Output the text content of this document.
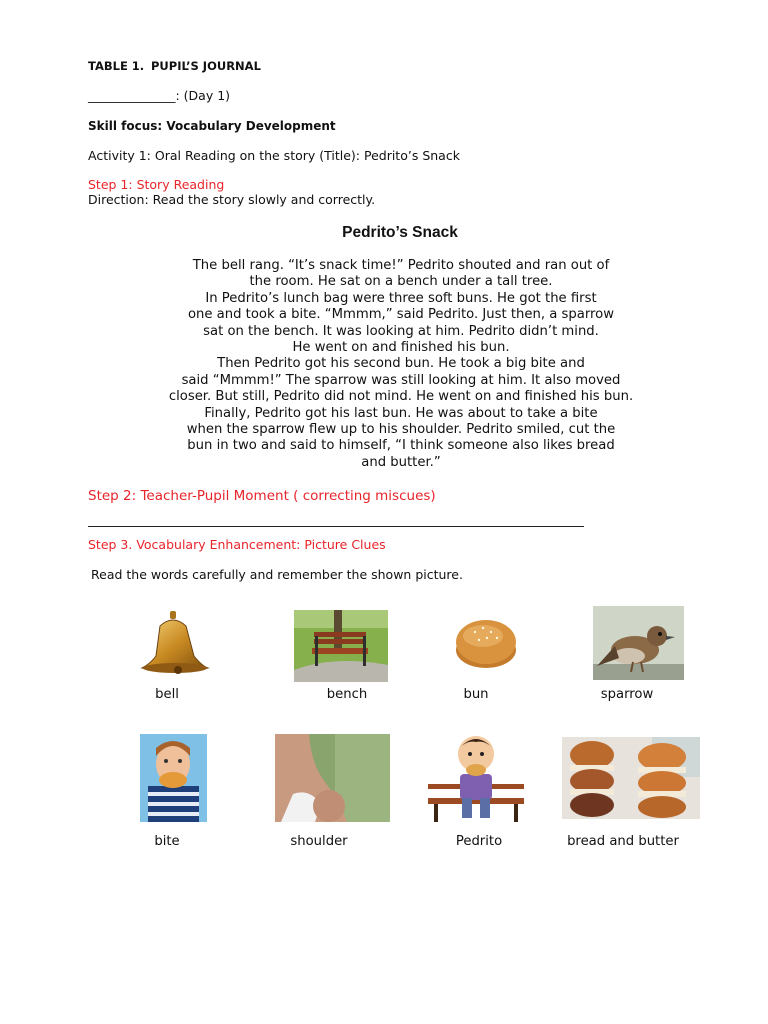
TABLE 1. PUPIL’S JOURNAL
______________: (Day 1)
Skill focus: Vocabulary Development
Activity 1: Oral Reading on the story (Title): Pedrito’s Snack
Step 1: Story Reading
Direction: Read the story slowly and correctly.
Pedrito’s Snack
The bell rang. “It’s snack time!” Pedrito shouted and ran out of
the room. He sat on a bench under a tall tree.
In Pedrito’s lunch bag were three soft buns. He got the first
one and took a bite. “Mmmm,” said Pedrito. Just then, a sparrow
sat on the bench. It was looking at him. Pedrito didn’t mind.
He went on and finished his bun.
Then Pedrito got his second bun. He took a big bite and
said “Mmmm!” The sparrow was still looking at him. It also moved
closer. But still, Pedrito did not mind. He went on and finished his bun.
Finally, Pedrito got his last bun. He was about to take a bite
when the sparrow flew up to his shoulder. Pedrito smiled, cut the
bun in two and said to himself, “I think someone also likes bread
and butter.”
Step 2: Teacher-Pupil Moment ( correcting miscues)
Step 3. Vocabulary Enhancement: Picture Clues
Read the words carefully and remember the shown picture.
bell	bench	bun	sparrow
bite	shoulder	Pedrito	bread and butter
